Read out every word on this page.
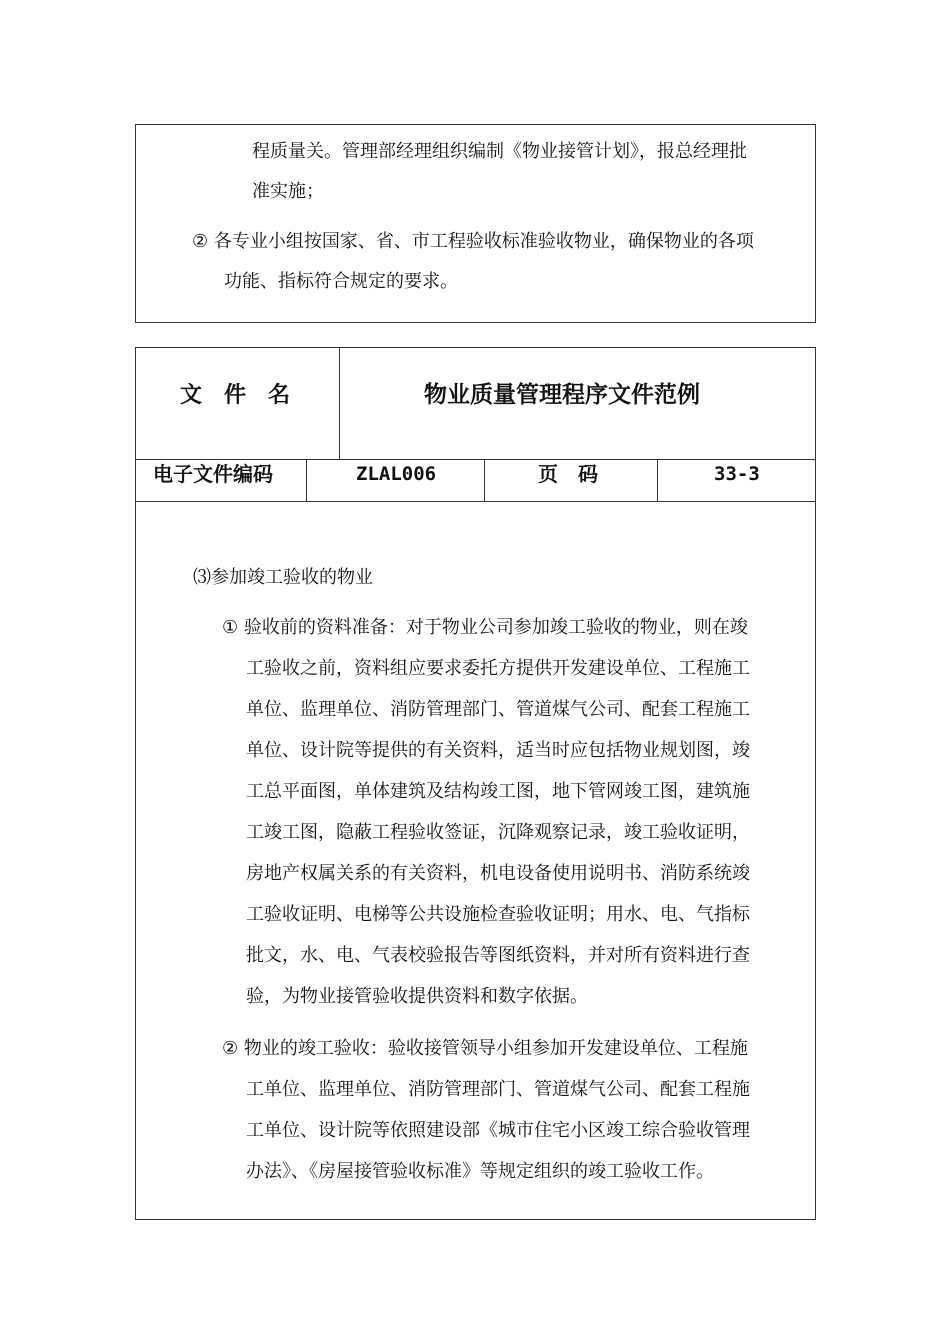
程质量关。管理部经理组织编制《物业接管计划》，报总经理批
准实施；
② 各专业小组按国家、省、市工程验收标准验收物业，确保物业的各项
功能、指标符合规定的要求。
文　件　名	物业质量管理程序文件范例
电子文件编码	ZLAL006	页　码	33-3
⑶参加竣工验收的物业
① 验收前的资料准备：对于物业公司参加竣工验收的物业，则在竣
工验收之前，资料组应要求委托方提供开发建设单位、工程施工
单位、监理单位、消防管理部门、管道煤气公司、配套工程施工
单位、设计院等提供的有关资料，适当时应包括物业规划图，竣
工总平面图，单体建筑及结构竣工图，地下管网竣工图，建筑施
工竣工图，隐蔽工程验收签证，沉降观察记录，竣工验收证明，
房地产权属关系的有关资料，机电设备使用说明书、消防系统竣
工验收证明、电梯等公共设施检查验收证明；用水、电、气指标
批文，水、电、气表校验报告等图纸资料，并对所有资料进行查
验，为物业接管验收提供资料和数字依据。
② 物业的竣工验收：验收接管领导小组参加开发建设单位、工程施
工单位、监理单位、消防管理部门、管道煤气公司、配套工程施
工单位、设计院等依照建设部《城市住宅小区竣工综合验收管理
办法》、《房屋接管验收标准》等规定组织的竣工验收工作。
